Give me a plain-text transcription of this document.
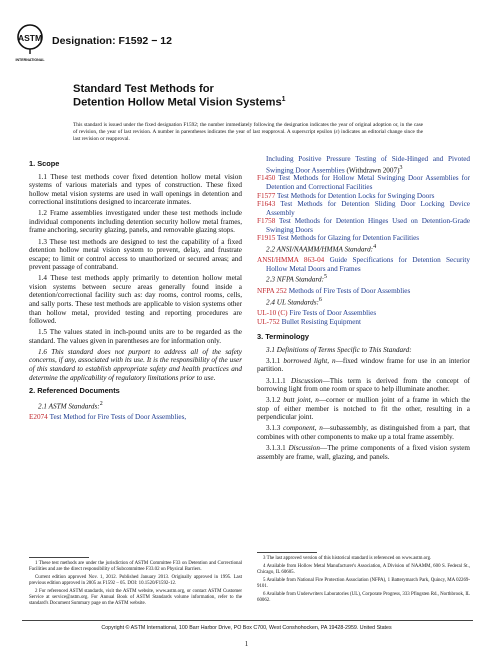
ASTM
INTERNATIONAL
Designation: F1592 − 12
Standard Test Methods for
Detention Hollow Metal Vision Systems$^1$
This standard is issued under the fixed designation F1592; the number immediately following the designation indicates the year of original adoption or, in the case of revision, the year of last revision. A number in parentheses indicates the year of last reapproval. A superscript epsilon (ε) indicates an editorial change since the last revision or reapproval.
1. Scope

1.1 These test methods cover fixed detention hollow metal vision systems of various materials and types of construction. These fixed hollow metal vision systems are used in wall openings in detention and correctional institutions designed to incarcerate inmates.

1.2 Frame assemblies investigated under these test methods include individual components including detention security hollow metal frames, frame anchoring, security glazing, panels, and removable glazing stops.

1.3 These test methods are designed to test the capability of a fixed detention hollow metal vision system to prevent, delay, and frustrate escape; to limit or control access to unauthorized or secured areas; and prevent passage of contraband.

1.4 These test methods apply primarily to detention hollow metal vision systems between secure areas generally found inside a detention/correctional facility such as: day rooms, control rooms, cells, and sally ports. These test methods are applicable to vision systems other than hollow metal, provided testing and reporting procedures are followed.

1.5 The values stated in inch-pound units are to be regarded as the standard. The values given in parentheses are for information only.

1.6 This standard does not purport to address all of the safety concerns, if any, associated with its use. It is the responsibility of the user of this standard to establish appropriate safety and health practices and determine the applicability of regulatory limitations prior to use.

2. Referenced Documents

2.1 ASTM Standards:$^2$

E2074 Test Method for Fire Tests of Door Assemblies,

Including Positive Pressure Testing of Side-Hinged and Pivoted Swinging Door Assemblies (Withdrawn 2007)$^3$

F1450 Test Methods for Hollow Metal Swinging Door Assemblies for Detention and Correctional Facilities

F1577 Test Methods for Detention Locks for Swinging Doors

F1643 Test Methods for Detention Sliding Door Locking Device Assembly

F1758 Test Methods for Detention Hinges Used on Detention-Grade Swinging Doors

F1915 Test Methods for Glazing for Detention Facilities

2.2 ANSI/NAAMM/HMMA Standard:$^4$

ANSI/HMMA 863-04 Guide Specifications for Detention Security Hollow Metal Doors and Frames

2.3 NFPA Standard:$^5$

NFPA 252 Methods of Fire Tests of Door Assemblies

2.4 UL Standards:$^6$

UL-10 (C) Fire Tests of Door Assemblies

UL-752 Bullet Resisting Equipment

3. Terminology

3.1 Definitions of Terms Specific to This Standard:

3.1.1 borrowed light, n—fixed window frame for use in an interior partition.

3.1.1.1 Discussion—This term is derived from the concept of borrowing light from one room or space to help illuminate another.

3.1.2 butt joint, n—corner or mullion joint of a frame in which the stop of either member is notched to fit the other, resulting in a perpendicular joint.

3.1.3 component, n—subassembly, as distinguished from a part, that combines with other components to make up a total frame assembly.

3.1.3.1 Discussion—The prime components of a fixed vision system assembly are frame, wall, glazing, and panels.

1 These test methods are under the jurisdiction of ASTM Committee F33 on Detention and Correctional Facilities and are the direct responsibility of Subcommittee F33.02 on Physical Barriers.

Current edition approved Nov. 1, 2012. Published January 2013. Originally approved in 1995. Last previous edition approved in 2005 as F1592 – 05. DOI: 10.1520/F1592-12.

2 For referenced ASTM standards, visit the ASTM website, www.astm.org, or contact ASTM Customer Service at service@astm.org. For Annual Book of ASTM Standards volume information, refer to the standard's Document Summary page on the ASTM website.

3 The last approved version of this historical standard is referenced on www.astm.org.

4 Available from Hollow Metal Manufacturer's Association, A Division of NAAMM, 600 S. Federal St., Chicago, IL 60605.

5 Available from National Fire Protection Association (NFPA), 1 Batterymarch Park, Quincy, MA 02269-9101.

6 Available from Underwriters Laboratories (UL), Corporate Progress, 333 Pfingsten Rd., Northbrook, IL 60062.

Copyright © ASTM International, 100 Barr Harbor Drive, PO Box C700, West Conshohocken, PA 19428-2959. United States
1
